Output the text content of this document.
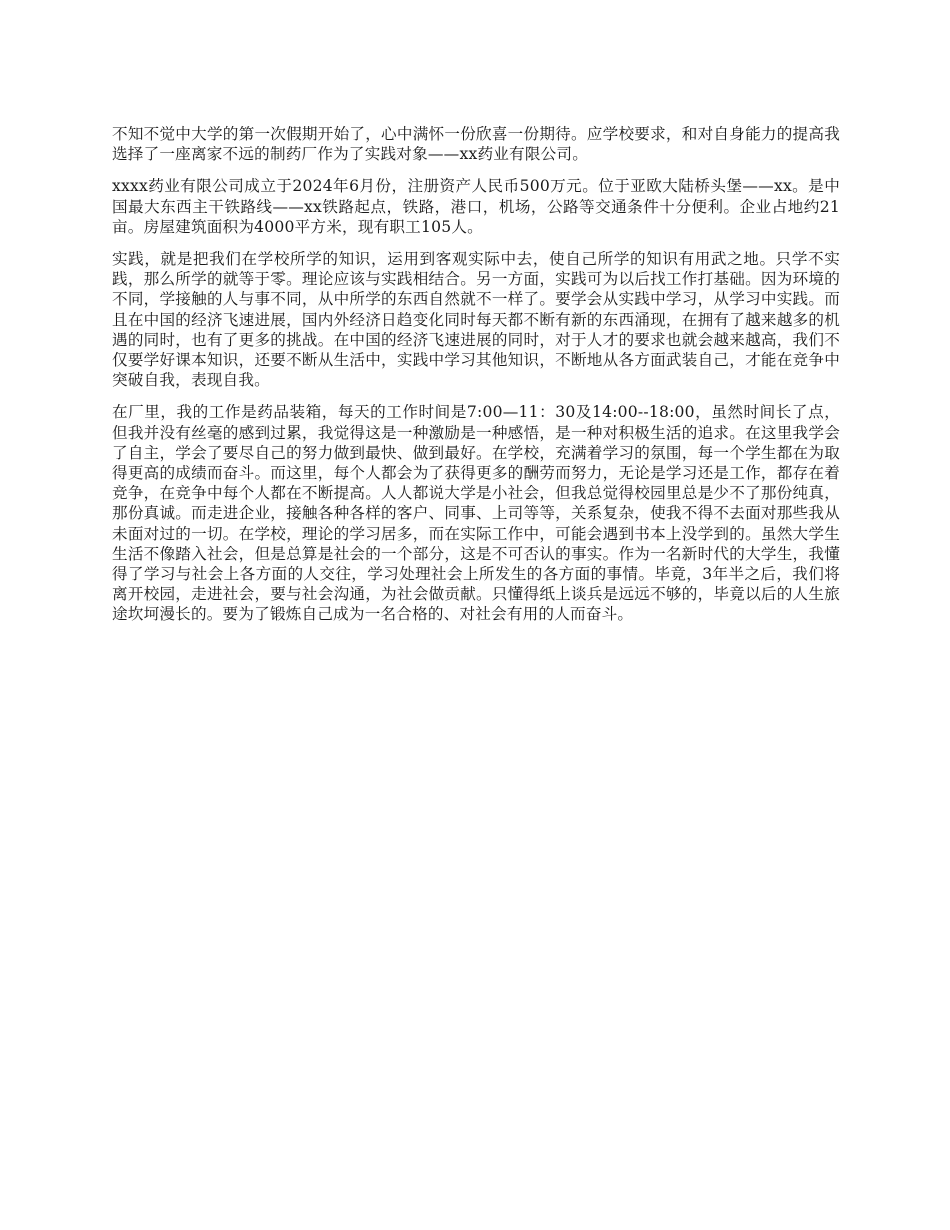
不知不觉中大学的第一次假期开始了，心中满怀一份欣喜一份期待。应学校要求，和对自身能力的提高我选择了一座离家不远的制药厂作为了实践对象——xx药业有限公司。

xxxx药业有限公司成立于2024年6月份，注册资产人民币500万元。位于亚欧大陆桥头堡——xx。是中国最大东西主干铁路线——xx铁路起点，铁路，港口，机场，公路等交通条件十分便利。企业占地约21亩。房屋建筑面积为4000平方米，现有职工105人。

实践，就是把我们在学校所学的知识，运用到客观实际中去，使自己所学的知识有用武之地。只学不实践，那么所学的就等于零。理论应该与实践相结合。另一方面，实践可为以后找工作打基础。因为环境的不同，学接触的人与事不同，从中所学的东西自然就不一样了。要学会从实践中学习，从学习中实践。而且在中国的经济飞速进展，国内外经济日趋变化同时每天都不断有新的东西涌现，在拥有了越来越多的机遇的同时，也有了更多的挑战。在中国的经济飞速进展的同时，对于人才的要求也就会越来越高，我们不仅要学好课本知识，还要不断从生活中，实践中学习其他知识，不断地从各方面武装自己，才能在竞争中突破自我，表现自我。

在厂里，我的工作是药品装箱，每天的工作时间是7:00—11：30及14:00--18:00，虽然时间长了点，但我并没有丝毫的感到过累，我觉得这是一种激励是一种感悟，是一种对积极生活的追求。在这里我学会了自主，学会了要尽自己的努力做到最快、做到最好。在学校，充满着学习的氛围，每一个学生都在为取得更高的成绩而奋斗。而这里，每个人都会为了获得更多的酬劳而努力，无论是学习还是工作，都存在着竞争，在竞争中每个人都在不断提高。人人都说大学是小社会，但我总觉得校园里总是少不了那份纯真，那份真诚。而走进企业，接触各种各样的客户、同事、上司等等，关系复杂，使我不得不去面对那些我从未面对过的一切。在学校，理论的学习居多，而在实际工作中，可能会遇到书本上没学到的。虽然大学生生活不像踏入社会，但是总算是社会的一个部分，这是不可否认的事实。作为一名新时代的大学生，我懂得了学习与社会上各方面的人交往，学习处理社会上所发生的各方面的事情。毕竟，3年半之后，我们将离开校园，走进社会，要与社会沟通，为社会做贡献。只懂得纸上谈兵是远远不够的，毕竟以后的人生旅途坎坷漫长的。要为了锻炼自己成为一名合格的、对社会有用的人而奋斗。
